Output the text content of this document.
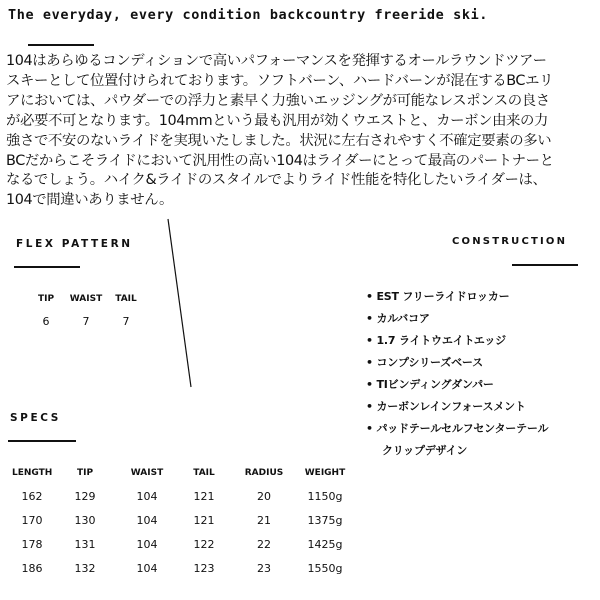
The everyday, every condition backcountry freeride ski.
104はあらゆるコンディションで高いパフォーマンスを発揮するオールラウンドツアー
スキーとして位置付けられております。ソフトバーン、ハードバーンが混在するBCエリ
アにおいては、パウダーでの浮力と素早く力強いエッジングが可能なレスポンスの良さ
が必要不可となります。104mmという最も汎用が効くウエストと、カーボン由来の力
強さで不安のないライドを実現いたしました。状況に左右されやすく不確定要素の多い
BCだからこそライドにおいて汎用性の高い104はライダーにとって最高のパートナーと
なるでしょう。ハイク&ライドのスタイルでよりライド性能を特化したいライダーは、
104で間違いありません。
FLEX PATTERN
TIP	WAIST	TAIL
6	7	7
CONSTRUCTION
• EST フリーライドロッカー
• カルバコア
• 1.7 ライトウエイトエッジ
• コンプシリーズベース
• TIビンディングダンパー
• カーボンレインフォースメント
• パッドテールセルフセンターテール
クリップデザイン
SPECS
LENGTH	TIP	WAIST	TAIL	RADIUS	WEIGHT
162	129	104	121	20	1150g
170	130	104	121	21	1375g
178	131	104	122	22	1425g
186	132	104	123	23	1550g
